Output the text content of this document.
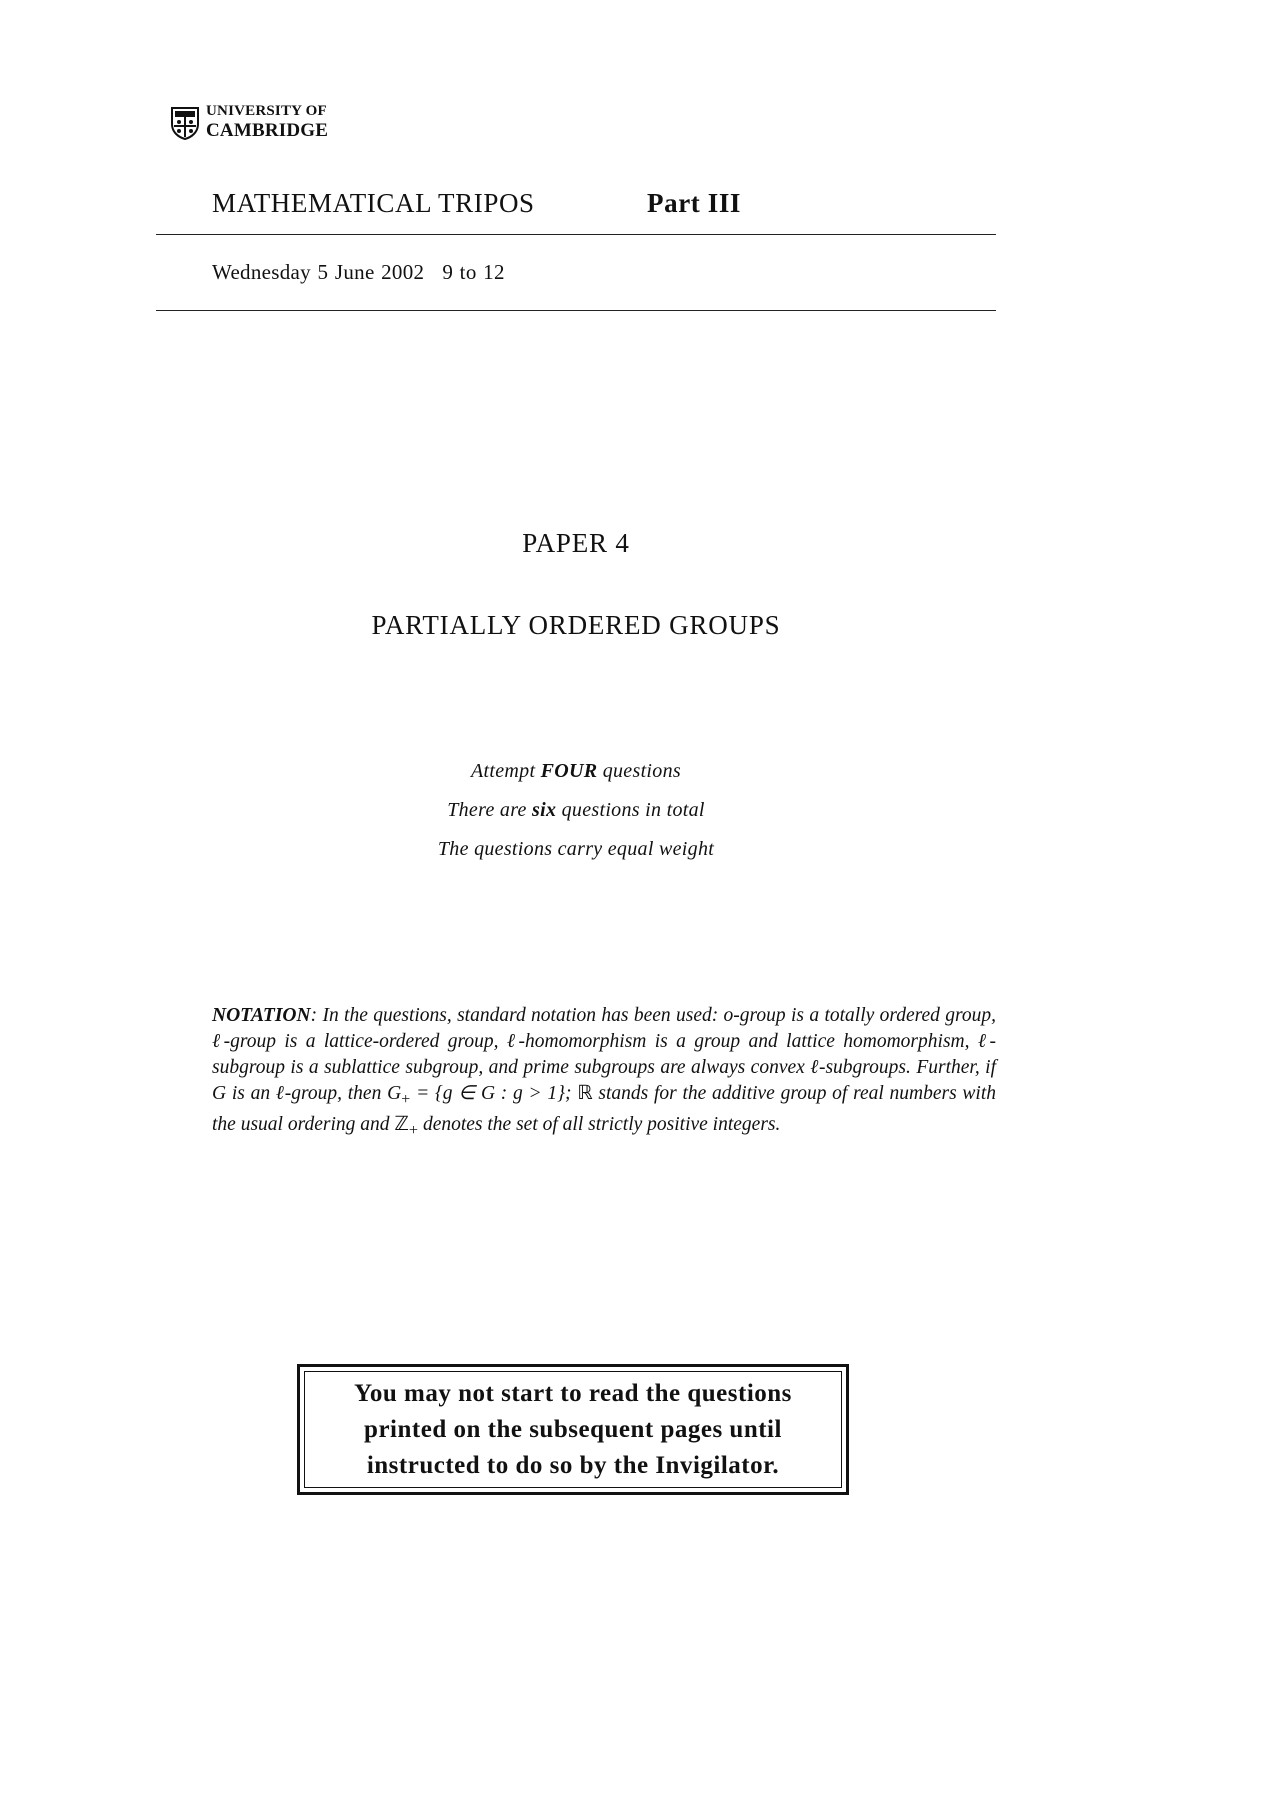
UNIVERSITY OF
CAMBRIDGE
MATHEMATICAL TRIPOS	Part III
Wednesday 5 June 2002 9 to 12
PAPER 4
PARTIALLY ORDERED GROUPS
Attempt FOUR questions
There are six questions in total
The questions carry equal weight
NOTATION: In the questions, standard notation has been used: o-group is a totally ordered group, ℓ-group is a lattice-ordered group, ℓ-homomorphism is a group and lattice homomorphism, ℓ-subgroup is a sublattice subgroup, and prime subgroups are always convex ℓ-subgroups. Further, if G is an ℓ-group, then $G_+ = \{g$ ∈ G : g > 1}; ℝ stands for the additive group of real numbers with the usual ordering and ℤ$_+$ denotes the set of all strictly positive integers.
You may not start to read the questions
printed on the subsequent pages until
instructed to do so by the Invigilator.
